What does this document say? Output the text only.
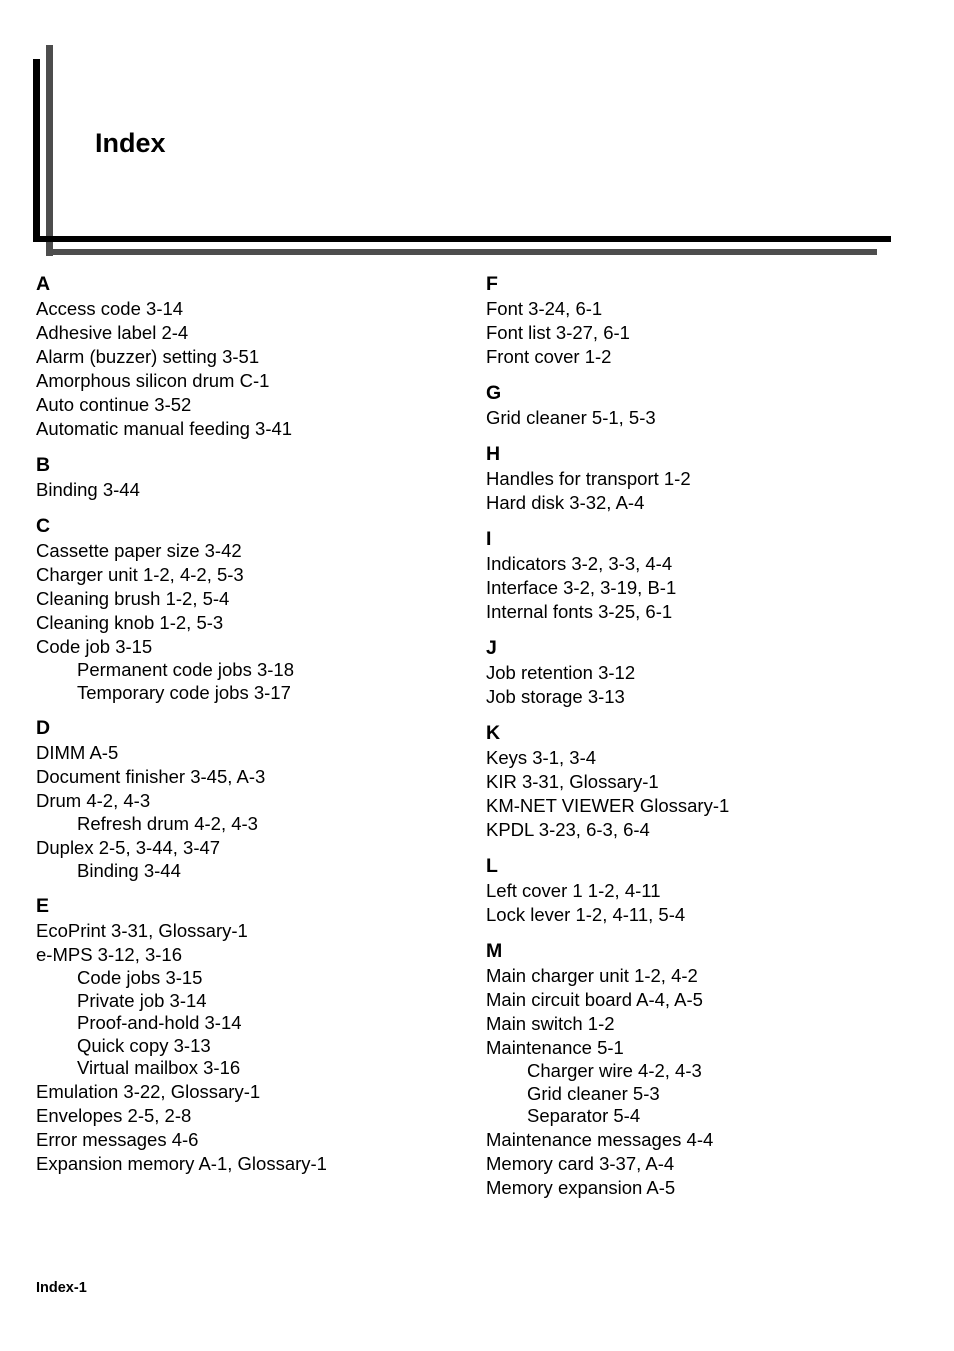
Index
A
Access code 3-14
Adhesive label 2-4
Alarm (buzzer) setting 3-51
Amorphous silicon drum C-1
Auto continue 3-52
Automatic manual feeding 3-41
B
Binding 3-44
C
Cassette paper size 3-42
Charger unit 1-2, 4-2, 5-3
Cleaning brush 1-2, 5-4
Cleaning knob 1-2, 5-3
Code job 3-15
Permanent code jobs 3-18
Temporary code jobs 3-17
D
DIMM A-5
Document finisher 3-45, A-3
Drum 4-2, 4-3
Refresh drum 4-2, 4-3
Duplex 2-5, 3-44, 3-47
Binding 3-44
E
EcoPrint 3-31, Glossary-1
e-MPS 3-12, 3-16
Code jobs 3-15
Private job 3-14
Proof-and-hold 3-14
Quick copy 3-13
Virtual mailbox 3-16
Emulation 3-22, Glossary-1
Envelopes 2-5, 2-8
Error messages 4-6
Expansion memory A-1, Glossary-1
F
Font 3-24, 6-1
Font list 3-27, 6-1
Front cover 1-2
G
Grid cleaner 5-1, 5-3
H
Handles for transport 1-2
Hard disk 3-32, A-4
I
Indicators 3-2, 3-3, 4-4
Interface 3-2, 3-19, B-1
Internal fonts 3-25, 6-1
J
Job retention 3-12
Job storage 3-13
K
Keys 3-1, 3-4
KIR 3-31, Glossary-1
KM-NET VIEWER Glossary-1
KPDL 3-23, 6-3, 6-4
L
Left cover 1 1-2, 4-11
Lock lever 1-2, 4-11, 5-4
M
Main charger unit 1-2, 4-2
Main circuit board A-4, A-5
Main switch 1-2
Maintenance 5-1
Charger wire 4-2, 4-3
Grid cleaner 5-3
Separator 5-4
Maintenance messages 4-4
Memory card 3-37, A-4
Memory expansion A-5
Index-1
